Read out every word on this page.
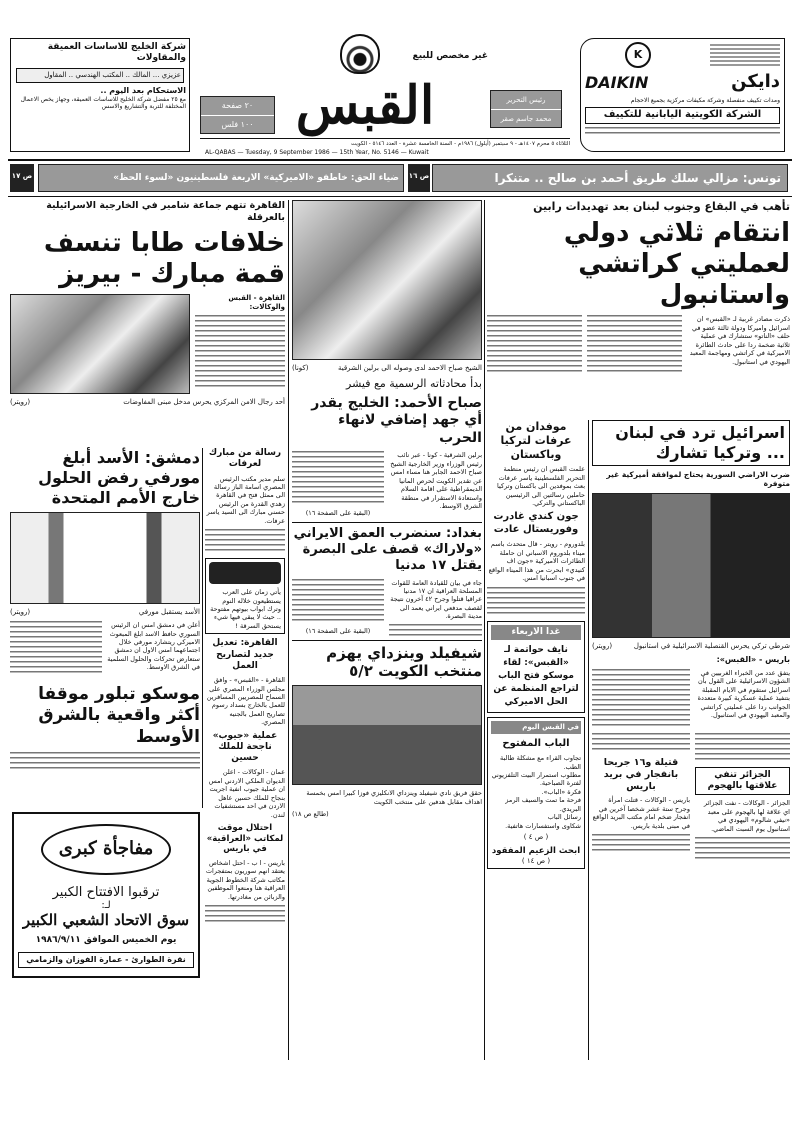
شركة الخليج للاساسات العميقة والمقاولات
عزيزي ... المالك .. المكتب الهندسي .. المقاول
الاستحكام بعد اليوم ..
مع ٢٥ مفضل شركة الخليج للاساسات العميقة، وجهاز يخص الاعمال المختلفة للتربة والتشاريع والاسس	٢٠ صفحة
١٠٠ فلس
غير مخصص للبيع
القبس	رئيس التحرير
محمد جاسم صقر
الثلاثاء ٥ محرم ١٤٠٧هـ - ٩ سبتمبر (أيلول) ١٩٨٦م - السنة الخامسة عشرة - العدد ٥١٤٦ - الكويت
AL-QABAS — Tuesday, 9 September 1986 — 15th Year, No. 5146 — Kuwait
K
DAIKIN	دايكن
ومدات تكييف منفصلة وشركة مكيفات مركزية بجميع الاحجام
الشركة الكويتية اليابانية للتكييف
تونس: مزالي سلك طريق أحمد بن صالح .. متنكرا
ص ١٦
ضياء الحق: خاطفو «الاميركية» الاربعة فلسطينيون «لسوء الحظ»
ص ١٧
القاهرة تتهم جماعة شامير في الخارجية الاسرائيلية بالعرقلة
خلافات طابا تنسف قمة مبارك - بيريز
القاهرة - القبس والوكالات:
أحد رجال الامن المركزي يحرس مدخل مبنى المفاوضات
(رويتر)
دمشق: الأسد أبلغ مورفي رفض الحلول خارج الأمم المتحدة
الأسد يستقبل مورفي
(رويتر)
أعلن في دمشق امس ان الرئيس السوري حافظ الاسد ابلغ المبعوث الاميركي ريتشارد مورفي خلال اجتماعهما امس الاول ان دمشق ستعارض تحركات والحلول السلمية في الشرق الاوسط.
موسكو تبلور موقفا أكثر واقعية بالشرق الأوسط
رسالة من مبارك لعرفات
سلم مدير مكتب الرئيس المصري اسامة الباز رسالة الى ممثل فتح في القاهرة زهدي القدرة من الرئيس حسني مبارك الى السيد ياسر عرفات.
يأتي زمان على العرب يستطيعون خلاله النوم وترك ابواب بيوتهم مفتوحة .. حيث لا يبقى فيها شيء يستحق السرقة !
القاهرة: تعديل جديد لتصاريح العمل
القاهرة - «القبس» - وافق مجلس الوزراء المصري على السماح للمصريين المسافرين للعمل بالخارج بسداد رسوم تصاريح العمل بالجنيه المصري.
عملية «جيوب» ناجحة للملك حسين
عمان - الوكالات - اعلن الديوان الملكي الاردني امس ان عملية جيوب انفية اجريت بنجاح للملك حسين عاهل الاردن في احد مستشفيات لندن.
احتلال موقت لمكاتب «العراقية» في باريس
باريس - ا ب - احتل اشخاص يعتقد انهم سوريون بمتفجرات مكاتب شركة الخطوط الجوية العراقية هنا ومنعوا الموظفين والزبائن من مغادرتها.
مفاجأة كبرى
ترقبوا الافتتاح الكبير
لـ:
سوق الاتحاد الشعبي الكبير
يوم الخميس الموافق ١٩٨٦/٩/١١
نقرة الطوارئ - عمارة الفوزان والزمامي
الشيخ صباح الاحمد لدى وصوله الى برلين الشرقية
(كونا)
بدأ محادثاته الرسمية مع فيشر
صباح الأحمد: الخليج يقدر أي جهد إضافي لانهاء الحرب
(البقية على الصفحة ١٦)
برلين الشرقية - كونا - عبر نائب رئيس الوزراء وزير الخارجية الشيخ صباح الاحمد الجابر هنا مساء امس عن تقدير الكويت لحرص المانيا الديمقراطية على اقامة السلام واستعادة الاستقرار في منطقة الشرق الاوسط.
بغداد: سنضرب العمق الايراني «ولاراك» قصف على البصرة يقتل ١٧ مدنيا
(البقية على الصفحة ١٦)
جاء في بيان للقيادة العامة للقوات المسلحة العراقية ان ١٧ مدنيا عراقيا قتلوا وجرح ٤٢ آخرون نتيجة لقصف مدفعي ايراني يعمد الى مدينة البصرة.
شيفيلد وينزداي يهزم منتخب الكويت ٥/٢
حقق فريق نادي شيفيلد وينزداي الانكليزي فوزا كبيرا امس بخمسة اهداف مقابل هدفين على منتخب الكويت
(طالع ص ١٨)
تأهب في البقاع وجنوب لبنان بعد تهديدات رابين
انتقام ثلاثي دولي لعمليتي كراتشي واستانبول
ذكرت مصادر غربية لـ «القبس» ان اسرائيل واميركا ودولة ثالثة عضو في حلف «الناتو» ستشارك في عملية ثلاثية ضخمة ردا على حادث الطائرة الاميركية في كراتشي ومهاجمة المعبد اليهودي في استانبول.
موفدان من عرفات لتركيا وباكستان
علمت القبس ان رئيس منظمة التحرير الفلسطينية ياسر عرفات بعث بموفدين الى باكستان وتركيا حاملين رسالتين الى الرئيسين الباكستاني والتركي.
جون كندي غادرت وفوريستال عادت
بلدوروم - رويتر - قال متحدث باسم ميناء بلدوروم الاسباني ان حاملة الطائرات الاميركية «جون اف كنيدي» ابحرت من هذا الميناء الواقع في جنوب اسبانيا امس.
غدا الاربعاء
نايف حواتمة لـ «القبس»: لقاء موسكو فتح الباب لتراجع المنظمة عن الحل الاميركي
في القبس اليوم
الباب المفتوح
تجاوب القراء مع مشكلة طالبة الطب.
مطلوب استمرار البيت التلفزيوني لفترة الصباحية.
فكرة «الباب».
فرحة ما تمت والسيف الرمز البريدي.
رسائل الباب
شكاوى واستفسارات هاتفية.
( ص ٤ )
ابحث الزعيم المفقود
( ص ١٤ )
اسرائيل ترد في لبنان ... وتركيا تشارك
ضرب الاراضي السورية يحتاج لموافقة أميركية غير متوفرة
شرطي تركي يحرس القنصلية الاسرائيلية في استانبول
(رويتر)
باريس - «القبس»:
يتفق عدد من الخبراء الغربيين في الشؤون الاسرائيلية على القول بأن اسرائيل ستقوم في الايام المقبلة بتنفيذ عملية عسكرية كبيرة متعددة الجوانب ردا على عمليتي كراتشي والمعبد اليهودي في استانبول.
قتيلة و١٦ جريحا بانفجار في بريد باريس
باريس - الوكالات - قتلت امرأة وجرح ستة عشر شخصا آخرين في انفجار ضخم امام مكتب البريد الواقع في مبنى بلدية باريس.
الجزائر تنفي علاقتها بالهجوم
الجزائر - الوكالات - نفت الجزائر اي علاقة لها بالهجوم على معبد «نيفي شالوم» اليهودي في استانبول يوم السبت الماضي.
